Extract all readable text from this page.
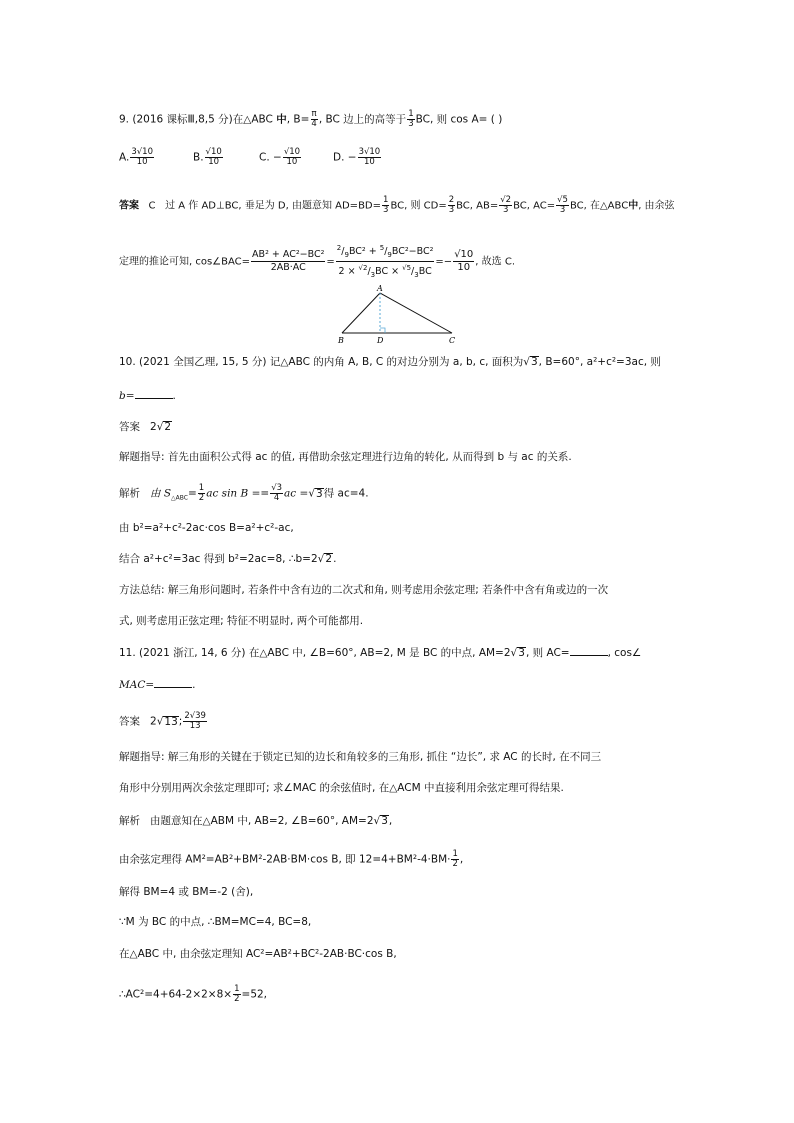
9. (2016 课标Ⅲ,8,5 分)在△ABC 中, $B= \frac{\pi}{4}$ , BC 边上的高等于 $\frac{1}{3}$ BC, 则 cos A= ( )
A. $\frac{3√10}{10}$	B. $\frac{√10}{10}$	C. − $\frac{√10}{10}$	D. − $\frac{3√10}{10}$
答案 C 过 A 作 AD⊥BC, 垂足为 D, 由题意知 $AD=BD= \frac{1}{3}$ BC, 则 $CD= \frac{2}{3}$ BC, $AB= \frac{√2}{3}$ BC, $AC= \frac{√5}{3}$ BC, 在△ABC中, 由余弦
定理的推论可知, cos∠BAC= $\frac{\text{AB² + AC²−BC²}}{2AB\cdot AC} = \frac{^2/_9BC^2 + ^5/_9BC^2-BC^2}{2 \times ^{√2}/_3BC \times ^{√5}/_3BC} =- \frac{√10}{10}$ , 故选 C.
A
B	C
D
10. (2021 全国乙理, 15, 5 分) 记△ABC 的内角 A, B, C 的对边分别为 a, b, c, 面积为√3, B=60°, a²+c²=3ac, 则
b=	.
答案 2√2
解题指导: 首先由面积公式得 ac 的值, 再借助余弦定理进行边角的转化, 从而得到 b 与 ac 的关系.
解析 由 $S_{\triangle ABC}= \frac{1}{2}$ ac $\sin B == \frac{√3}{4}$ ac =√3得 ac=4.
由 b²=a²+c²-2ac·cos B=a²+c²-ac,
结合 a²+c²=3ac 得到 b²=2ac=8, ∴b=2√2.
方法总结: 解三角形问题时, 若条件中含有边的二次式和角, 则考虑用余弦定理; 若条件中含有角或边的一次
式, 则考虑用正弦定理; 特征不明显时, 两个可能都用.
11. (2021 浙江, 14, 6 分) 在△ABC 中, ∠B=60°, AB=2, M 是 BC 的中点, AM=2√3, 则 AC=	, cos∠
MAC=	.
答案 2√13; $\frac{2√39}{13}$
解题指导: 解三角形的关键在于锁定已知的边长和角较多的三角形, 抓住 “边长”, 求 AC 的长时, 在不同三
角形中分别用两次余弦定理即可; 求∠MAC 的余弦值时, 在△ACM 中直接利用余弦定理可得结果.
解析 由题意知在△ABM 中, AB=2, ∠B=60°, AM=2√3,
由余弦定理得 AM²=AB²+BM²-2AB·BM·cos B, 即 $12=4+BM^2-4\cdot BM\cdot \frac{1}{2}$ ,
解得 BM=4 或 BM=-2 (舍),
∵M 为 BC 的中点, ∴BM=MC=4, BC=8,
在△ABC 中, 由余弦定理知 AC²=AB²+BC²-2AB·BC·cos B,
∴AC²=4+64-2×2×8× $\frac{1}{2} =52$,
